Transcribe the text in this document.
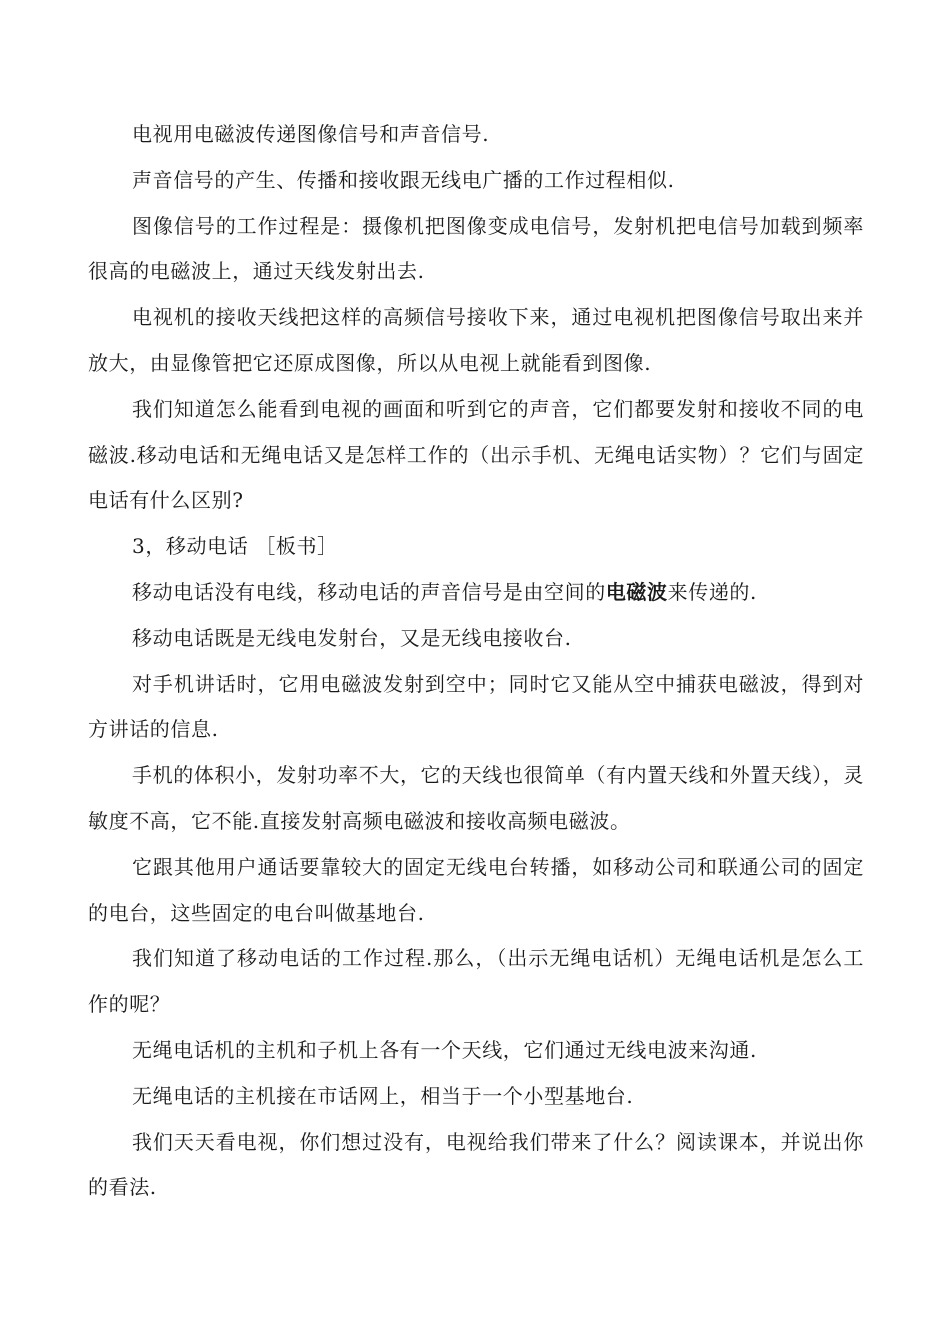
电视用电磁波传递图像信号和声音信号.

声音信号的产生、传播和接收跟无线电广播的工作过程相似.

图像信号的工作过程是：摄像机把图像变成电信号，发射机把电信号加载到频率很高的电磁波上，通过天线发射出去.

电视机的接收天线把这样的高频信号接收下来，通过电视机把图像信号取出来并放大，由显像管把它还原成图像，所以从电视上就能看到图像.

我们知道怎么能看到电视的画面和听到它的声音，它们都要发射和接收不同的电磁波.移动电话和无绳电话又是怎样工作的（出示手机、无绳电话实物）？它们与固定电话有什么区别?

3，移动电话 ［板书］

移动电话没有电线，移动电话的声音信号是由空间的电磁波来传递的.

移动电话既是无线电发射台，又是无线电接收台.

对手机讲话时，它用电磁波发射到空中；同时它又能从空中捕获电磁波，得到对方讲话的信息.

手机的体积小，发射功率不大，它的天线也很简单（有内置天线和外置天线），灵敏度不高，它不能.直接发射高频电磁波和接收高频电磁波。

它跟其他用户通话要靠较大的固定无线电台转播，如移动公司和联通公司的固定的电台，这些固定的电台叫做基地台.

我们知道了移动电话的工作过程.那么，（出示无绳电话机）无绳电话机是怎么工作的呢？

无绳电话机的主机和子机上各有一个天线，它们通过无线电波来沟通.

无绳电话的主机接在市话网上，相当于一个小型基地台.

我们天天看电视，你们想过没有，电视给我们带来了什么？阅读课本，并说出你的看法.
